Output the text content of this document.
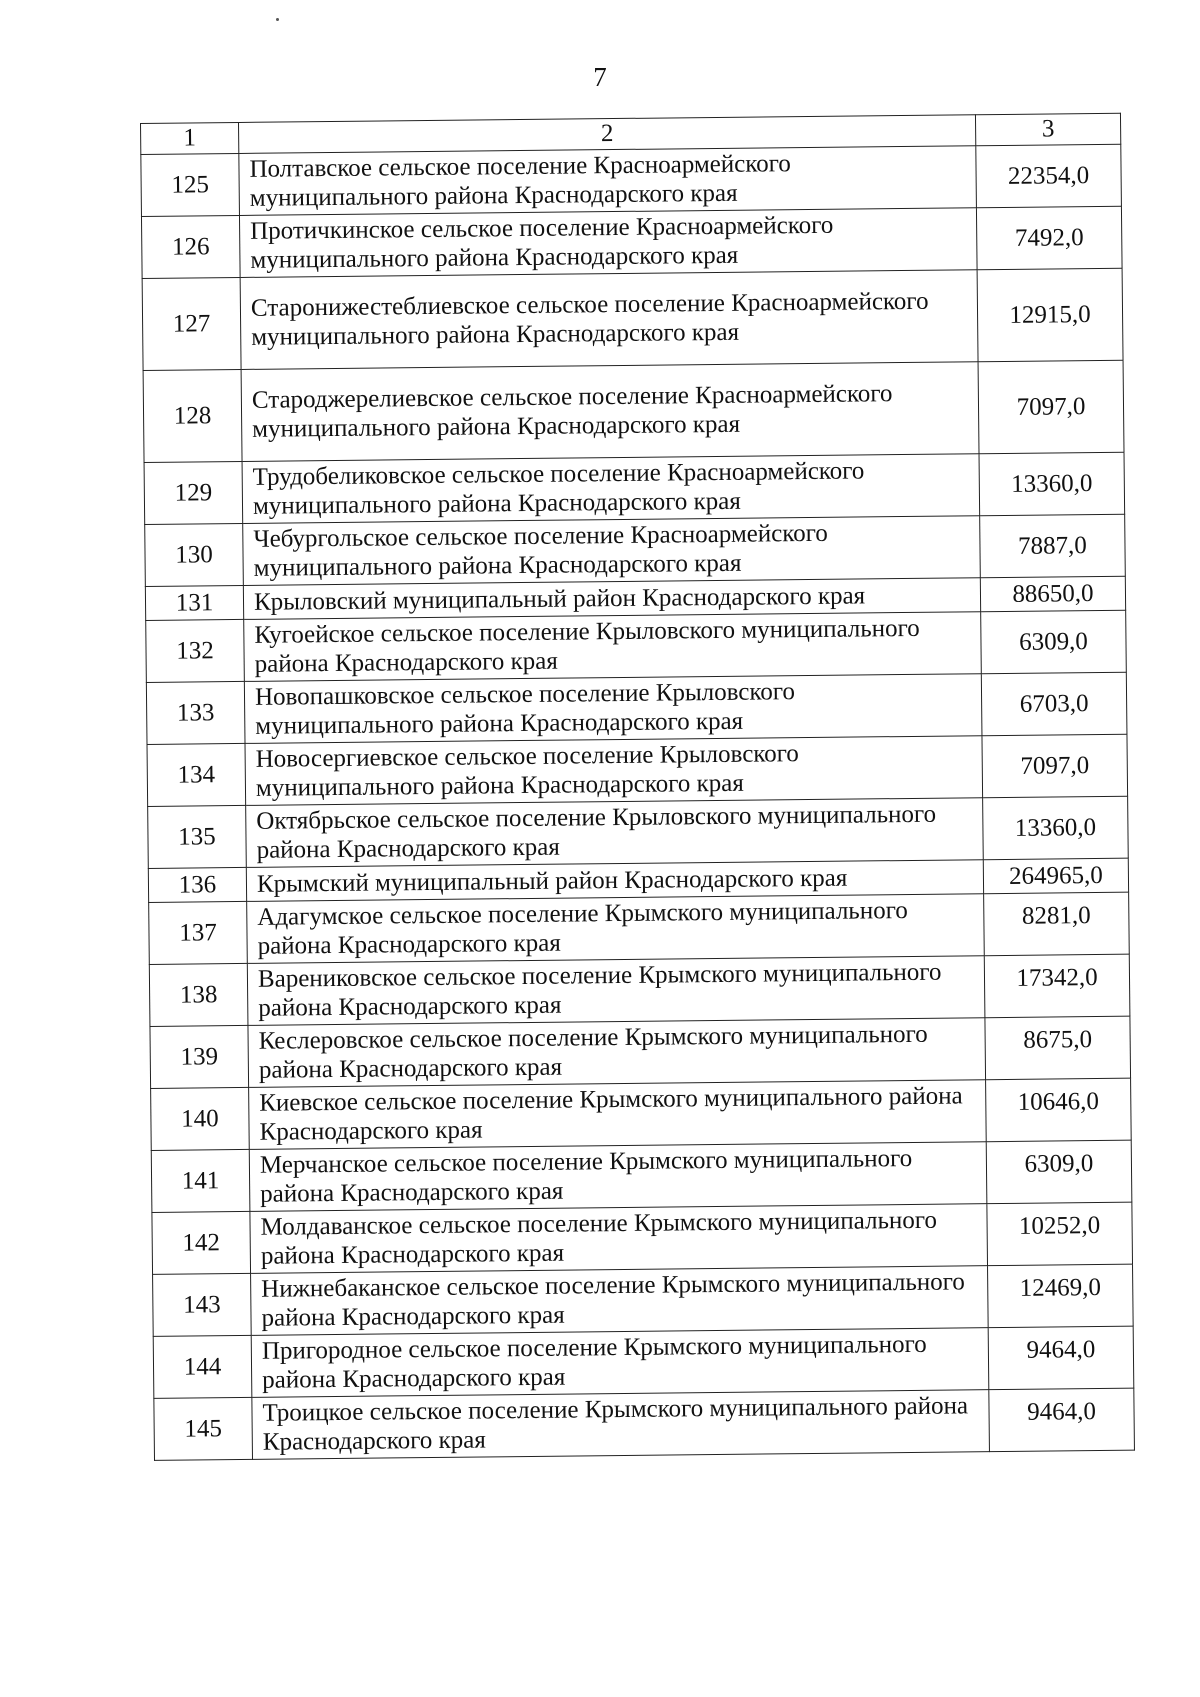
7
1	2	3
125	Полтавское сельское поселение Красноармейского муниципального района Краснодарского края	22354,0
126	Протичкинское сельское поселение Красноармейского муниципального района Краснодарского края	7492,0
127	Старонижестеблиевское сельское поселение Красноармейского муниципального района Краснодарского края	12915,0
128	Староджерелиевское сельское поселение Красноармейского муниципального района Краснодарского края	7097,0
129	Трудобеликовское сельское поселение Красноармейского муниципального района Краснодарского края	13360,0
130	Чебургольское сельское поселение Красноармейского муниципального района Краснодарского края	7887,0
131	Крыловский муниципальный район Краснодарского края	88650,0
132	Кугоейское сельское поселение Крыловского муниципального района Краснодарского края	6309,0
133	Новопашковское сельское поселение Крыловского муниципального района Краснодарского края	6703,0
134	Новосергиевское сельское поселение Крыловского муниципального района Краснодарского края	7097,0
135	Октябрьское сельское поселение Крыловского муниципального района Краснодарского края	13360,0
136	Крымский муниципальный район Краснодарского края	264965,0
137	Адагумское сельское поселение Крымского муниципального района Краснодарского края	8281,0
138	Варениковское сельское поселение Крымского муниципального района Краснодарского края	17342,0
139	Кеслеровское сельское поселение Крымского муниципального района Краснодарского края	8675,0
140	Киевское сельское поселение Крымского муниципального района Краснодарского края	10646,0
141	Мерчанское сельское поселение Крымского муниципального района Краснодарского края	6309,0
142	Молдаванское сельское поселение Крымского муниципального района Краснодарского края	10252,0
143	Нижнебаканское сельское поселение Крымского муниципального района Краснодарского края	12469,0
144	Пригородное сельское поселение Крымского муниципального района Краснодарского края	9464,0
145	Троицкое сельское поселение Крымского муниципального района Краснодарского края	9464,0
